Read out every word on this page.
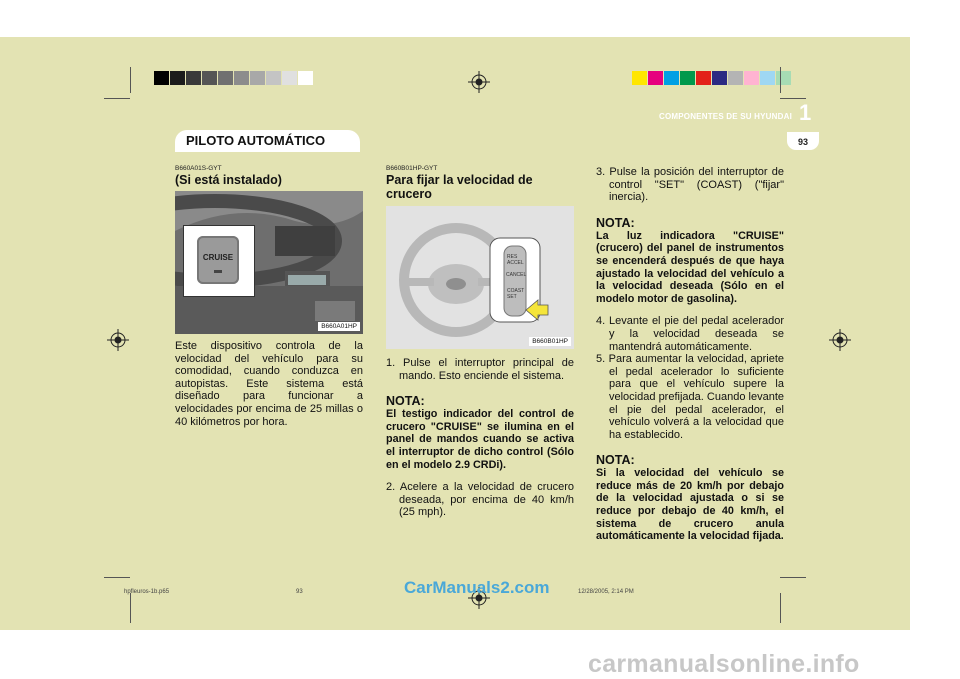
COMPONENTES DE SU HYUNDAI 1
93
PILOTO AUTOMÁTICO
B660A01S-GYT
(Si está instalado)
CRUISE
B660A01HP
Este dispositivo controla de la velocidad del vehículo para su comodidad, cuando conduzca en autopistas. Este sistema está diseñado para funcionar a velocidades por encima de 25 millas o 40 kilómetros por hora.
B660B01HP-GYT
Para fijar la velocidad de crucero
RES ACCEL
CANCEL
COAST SET
B660B01HP
1. Pulse el interruptor principal de mando. Esto enciende el sistema.
NOTA:
El testigo indicador del control de crucero "CRUISE" se ilumina en el panel de mandos cuando se activa el interruptor de dicho control (Sólo en el modelo 2.9 CRDi).
2. Acelere a la velocidad de crucero deseada, por encima de 40 km/h (25 mph).
3. Pulse la posición del interruptor de control "SET" (COAST) ("fijar" inercia).
NOTA:
La luz indicadora "CRUISE" (crucero) del panel de instrumentos se encenderá después de que haya ajustado la velocidad del vehículo a la velocidad deseada (Sólo en el modelo motor de gasolina).
4. Levante el pie del pedal acelerador y la velocidad deseada se mantendrá automáticamente.
5. Para aumentar la velocidad, apriete el pedal acelerador lo suficiente para que el vehículo supere la velocidad prefijada. Cuando levante el pie del pedal acelerador, el vehículo volverá a la velocidad que ha establecido.
NOTA:
Si la velocidad del vehículo se reduce más de 20 km/h por debajo de la velocidad ajustada o si se reduce por debajo de 40 km/h, el sistema de crucero anula automáticamente la velocidad fijada.
hpfleuros-1b.p65	93	12/28/2005, 2:14 PM
CarManuals2.com
carmanualsonline.info
